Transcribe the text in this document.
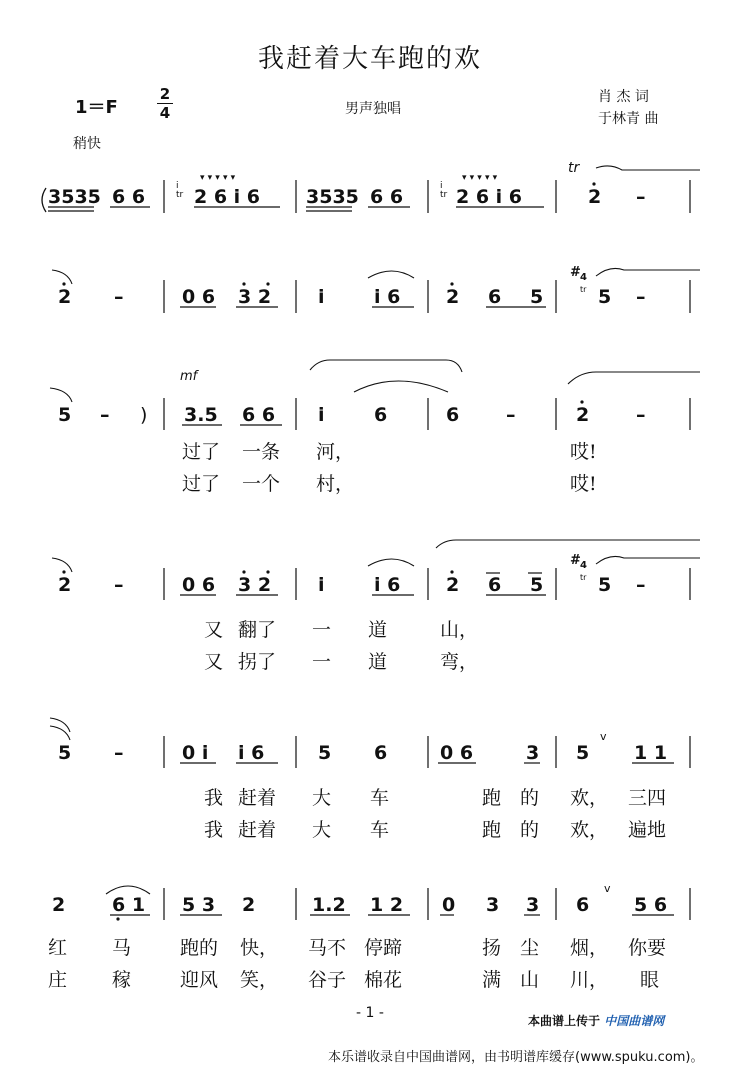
我赶着大车跑的欢
1＝F
2
4	男声独唱
肖 杰 词
于林青 曲
稍快
3535 6 6	i
tr 2 6 i 6
▾ ▾ ▾ ▾ ▾
3535 6 6	i
tr 2 6 i 6
▾ ▾ ▾ ▾ ▾
tr
2 –
2 –	0 6 3 2 i	i 6 2 6 5
# 4
tr 5 –
5 – )
mf
3.5 6 6 i	6	6 –	2 –
过了 一条 河，	哎!
过了 一个 村，	哎!
2 –	0 6 3 2 i	i 6 2 6 5
# 4
tr 5 –
又 翻了 一 道	山，
又 拐了 一 道	弯，
5 –	0 i i 6	5 6	0 6	3 5
v
1 1
我 赶着 大 车	跑 的 欢， 三四
我 赶着 大 车	跑 的 欢， 遍地
2 6 1 5 3 2	1.2 1 2 0 3 3 6
v
5 6
红 马	跑的 快， 马不 停蹄	扬 尘 烟， 你要
庄 稼	迎风 笑， 谷子 棉花	满 山 川， 眼
- 1 -	本曲谱上传于 中国曲谱网
本乐谱收录自中国曲谱网，由书明谱库缓存(www.spuku.com)。
